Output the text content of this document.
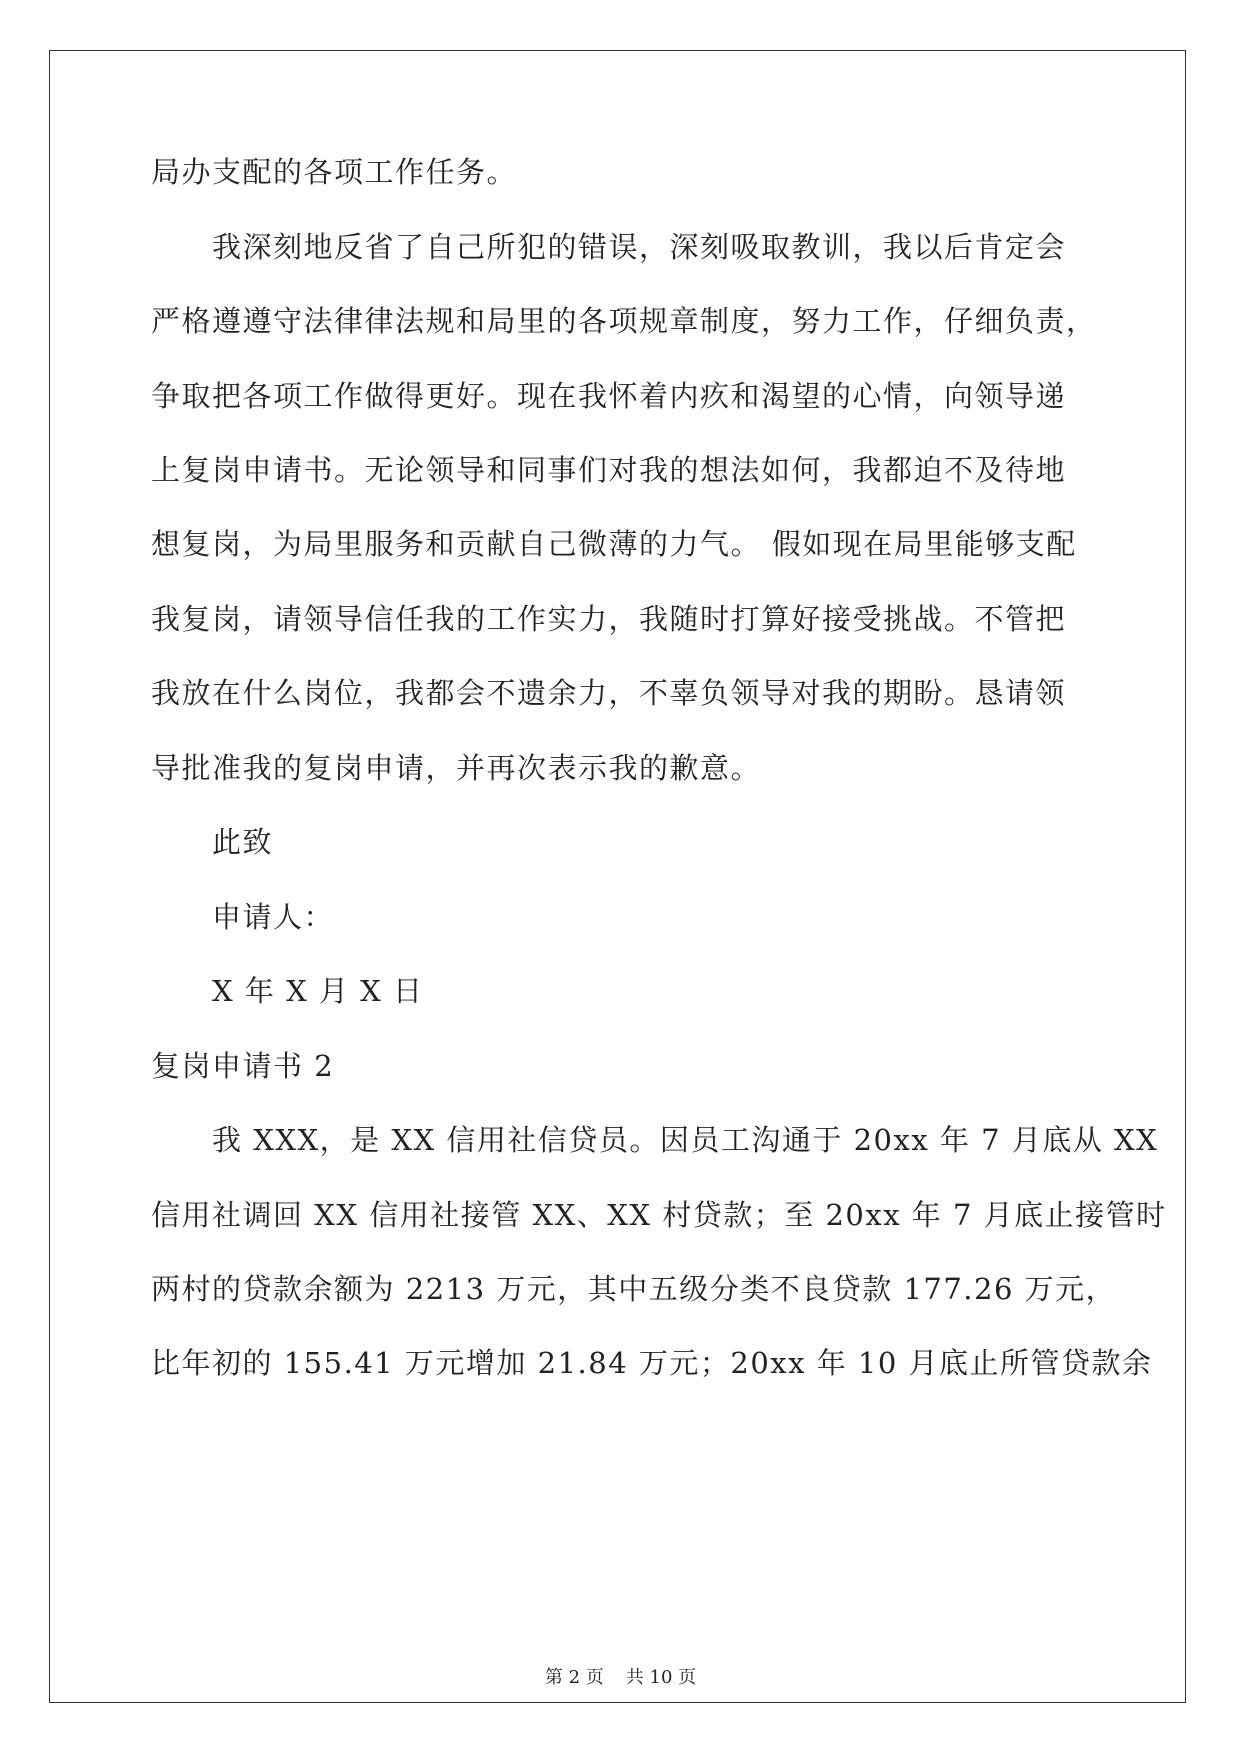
局办支配的各项工作任务。
我深刻地反省了自己所犯的错误，深刻吸取教训，我以后肯定会
严格遵遵守法律律法规和局里的各项规章制度，努力工作，仔细负责，
争取把各项工作做得更好。现在我怀着内疚和渴望的心情，向领导递
上复岗申请书。无论领导和同事们对我的想法如何，我都迫不及待地
想复岗，为局里服务和贡献自己微薄的力气。 假如现在局里能够支配
我复岗，请领导信任我的工作实力，我随时打算好接受挑战。不管把
我放在什么岗位，我都会不遗余力，不辜负领导对我的期盼。恳请领
导批准我的复岗申请，并再次表示我的歉意。
此致
申请人：
X 年 X 月 X 日
复岗申请书 2
我 XXX，是 XX 信用社信贷员。因员工沟通于 20xx 年 7 月底从 XX
信用社调回 XX 信用社接管 XX、XX 村贷款；至 20xx 年 7 月底止接管时
两村的贷款余额为 2213 万元，其中五级分类不良贷款 177.26 万元，
比年初的 155.41 万元增加 21.84 万元；20xx 年 10 月底止所管贷款余
第 2 页 共 10 页
